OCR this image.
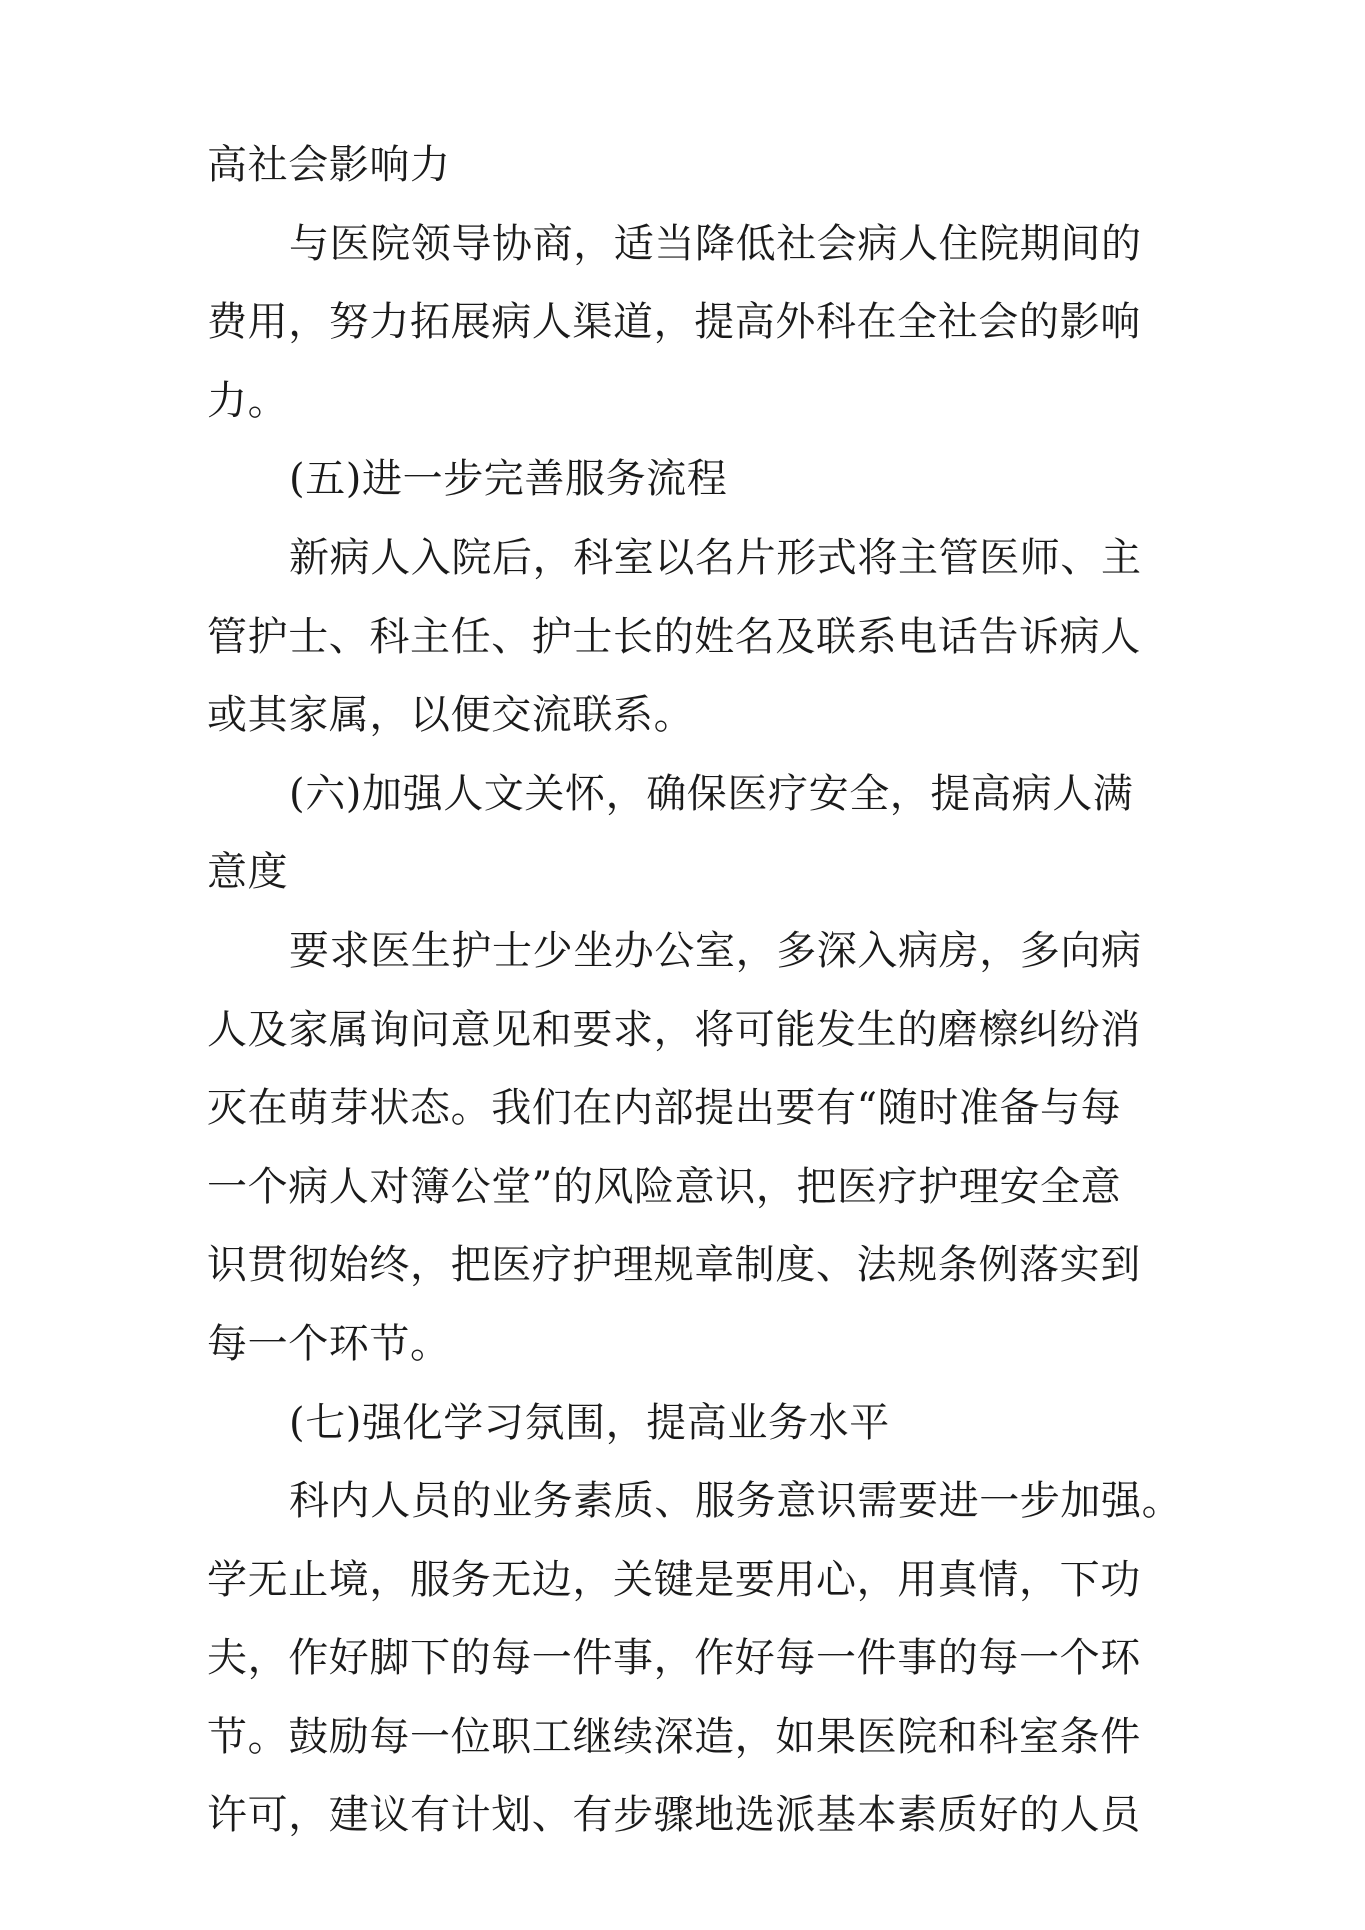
高社会影响力
与医院领导协商，适当降低社会病人住院期间的
费用，努力拓展病人渠道，提高外科在全社会的影响
力。
(五)进一步完善服务流程
新病人入院后，科室以名片形式将主管医师、主
管护士、科主任、护士长的姓名及联系电话告诉病人
或其家属，以便交流联系。
(六)加强人文关怀，确保医疗安全，提高病人满
意度
要求医生护士少坐办公室，多深入病房，多向病
人及家属询问意见和要求，将可能发生的磨檫纠纷消
灭在萌芽状态。我们在内部提出要有“随时准备与每
一个病人对簿公堂”的风险意识，把医疗护理安全意
识贯彻始终，把医疗护理规章制度、法规条例落实到
每一个环节。
(七)强化学习氛围，提高业务水平
科内人员的业务素质、服务意识需要进一步加强。
学无止境，服务无边，关键是要用心，用真情，下功
夫，作好脚下的每一件事，作好每一件事的每一个环
节。鼓励每一位职工继续深造，如果医院和科室条件
许可，建议有计划、有步骤地选派基本素质好的人员
